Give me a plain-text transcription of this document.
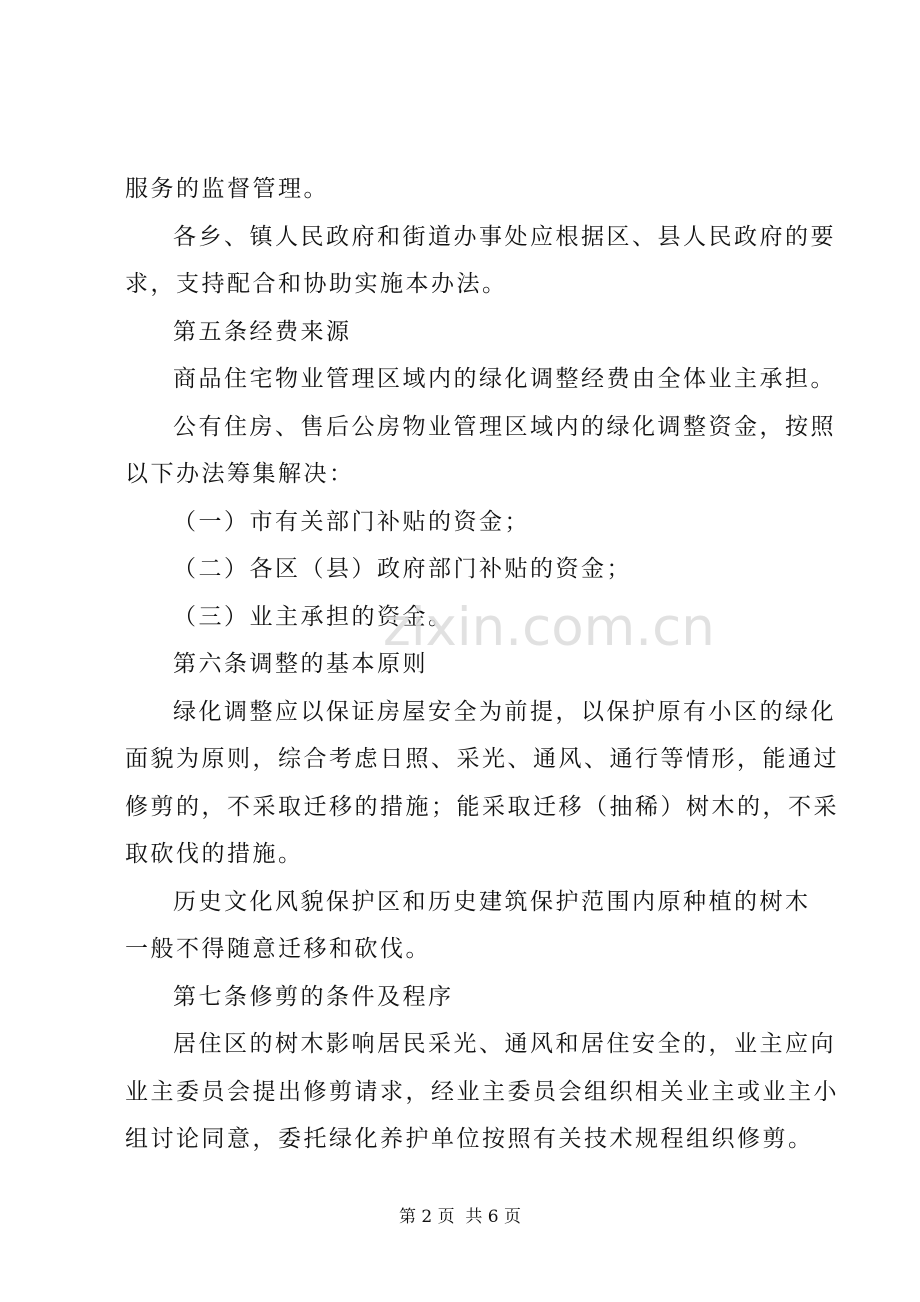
服务的监督管理。
各乡、镇人民政府和街道办事处应根据区、县人民政府的要
求，支持配合和协助实施本办法。
第五条经费来源
商品住宅物业管理区域内的绿化调整经费由全体业主承担。
公有住房、售后公房物业管理区域内的绿化调整资金，按照
以下办法筹集解决：
（一）市有关部门补贴的资金；
（二）各区（县）政府部门补贴的资金；
（三）业主承担的资金。
第六条调整的基本原则
绿化调整应以保证房屋安全为前提，以保护原有小区的绿化
面貌为原则，综合考虑日照、采光、通风、通行等情形，能通过
修剪的，不采取迁移的措施；能采取迁移（抽稀）树木的，不采
取砍伐的措施。
历史文化风貌保护区和历史建筑保护范围内原种植的树木
一般不得随意迁移和砍伐。
第七条修剪的条件及程序
居住区的树木影响居民采光、通风和居住安全的，业主应向
业主委员会提出修剪请求，经业主委员会组织相关业主或业主小
组讨论同意，委托绿化养护单位按照有关技术规程组织修剪。
zixin.com.cn
第 2 页  共 6 页
